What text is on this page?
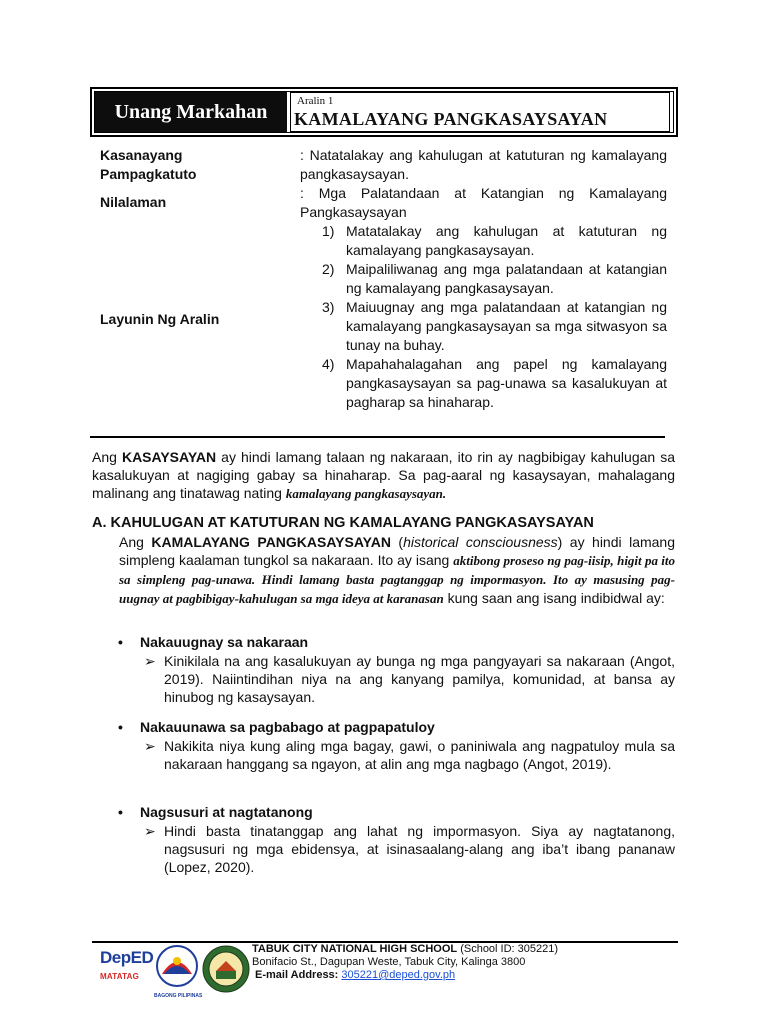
Unang Markahan	Aralin 1
KAMALAYANG PANGKASAYSAYAN
Kasanayang
Pampagkatuto
: Natatalakay ang kahulugan at katuturan ng kamalayang pangkasaysayan.
Nilalaman
: Mga Palatandaan at Katangian ng Kamalayang Pangkasaysayan
Layunin Ng Aralin
1) Matatalakay ang kahulugan at katuturan ng kamalayang pangkasaysayan.
2) Maipaliliwanag ang mga palatandaan at katangian ng kamalayang pangkasaysayan.
3) Maiuugnay ang mga palatandaan at katangian ng kamalayang pangkasaysayan sa mga sitwasyon sa tunay na buhay.
4) Mapahahalagahan ang papel ng kamalayang pangkasaysayan sa pag-unawa sa kasalukuyan at pagharap sa hinaharap.
Ang KASAYSAYAN ay hindi lamang talaan ng nakaraan, ito rin ay nagbibigay kahulugan sa kasalukuyan at nagiging gabay sa hinaharap. Sa pag-aaral ng kasaysayan, mahalagang malinang ang tinatawag nating kamalayang pangkasaysayan.
A. KAHULUGAN AT KATUTURAN NG KAMALAYANG PANGKASAYSAYAN
Ang KAMALAYANG PANGKASAYSAYAN (historical consciousness) ay hindi lamang simpleng kaalaman tungkol sa nakaraan. Ito ay isang aktibong proseso ng pag-iisip, higit pa ito sa simpleng pag-unawa. Hindi lamang basta pagtanggap ng impormasyon. Ito ay masusing pag-uugnay at pagbibigay-kahulugan sa mga ideya at karanasan kung saan ang isang indibidwal ay:
• Nakauugnay sa nakaraan
➢ Kinikilala na ang kasalukuyan ay bunga ng mga pangyayari sa nakaraan (Angot, 2019). Naiintindihan niya na ang kanyang pamilya, komunidad, at bansa ay hinubog ng kasaysayan.
• Nakauunawa sa pagbabago at pagpapatuloy
➢ Nakikita niya kung aling mga bagay, gawi, o paniniwala ang nagpatuloy mula sa nakaraan hanggang sa ngayon, at alin ang mga nagbago (Angot, 2019).
• Nagsusuri at nagtatanong
➢ Hindi basta tinatanggap ang lahat ng impormasyon. Siya ay nagtatanong, nagsusuri ng mga ebidensya, at isinasaalang-alang ang iba’t ibang pananaw (Lopez, 2020).
DepED
MATATAG
BAGONG PILIPINAS
TABUK CITY NATIONAL HIGH SCHOOL (School ID: 305221)
Bonifacio St., Dagupan Weste, Tabuk City, Kalinga 3800
E-mail Address: 305221@deped.gov.ph
